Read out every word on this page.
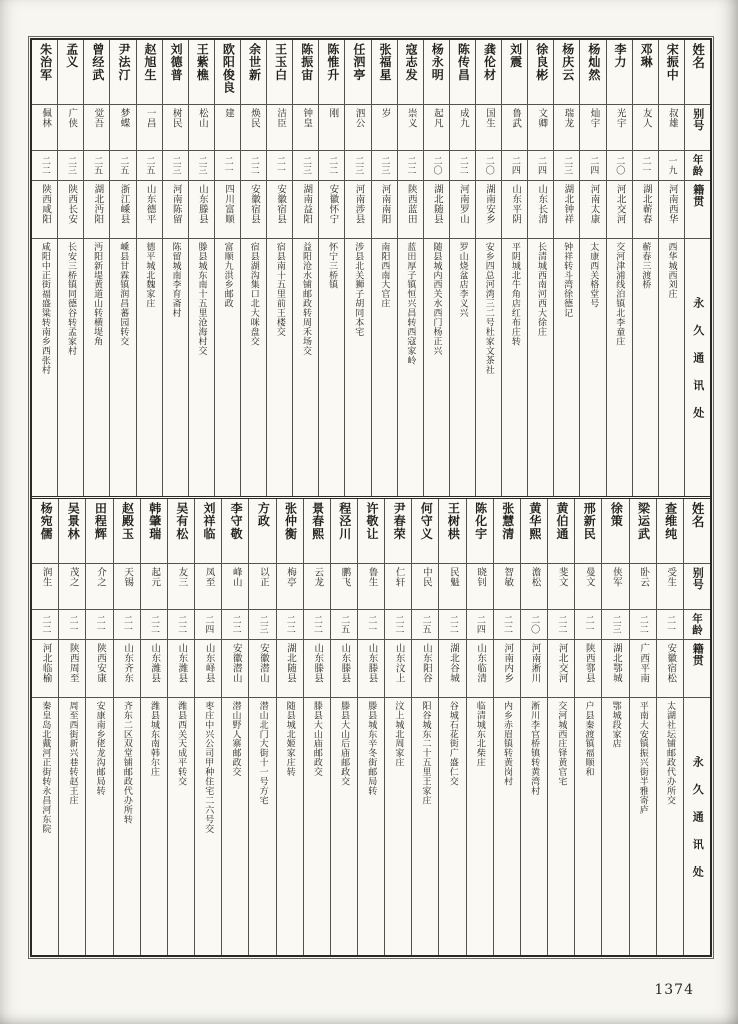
姓名
别号
年龄
籍贯
永久通讯处
宋振中
叔雄
一九
河南西华
西华城西刘庄
邓琳
友人
二一
湖北蕲春
蕲春三渡桥
李力
光宇
二〇
河北交河
交河津浦线泊镇北李童庄
杨灿然
灿宇
二四
河南太康
太康西关格堂号
杨庆云
瑞龙
二三
湖北钟祥
钟祥转斗湾徐德记
徐良彬
文卿
二四
山东长清
长清城西南河西大徐庄
刘震
鲁武
二四
山东平阴
平阴城北牛角店红布庄转
龚伦材
国生
二〇
湖南安乡
安乡四总河湾三二号杜家文茶社
陈传昌
成九
二二
河南罗山
罗山烧盆店李义兴
杨永明
起凡
二〇
湖北随县
随县城内西关水西门杨正兴
寇志发
崇义
二二
陕西蓝田
蓝田厚子镇恒兴昌转西寇家岭
张福星
岁
二三
河南南阳
南阳西南大官庄
任泗亭
泗公
二三
河南涉县
涉县北关狮子胡同本宅
陈惟升
刚
二二
安徽怀宁
怀宁三桥镇
陈振宙
钟皇
二三
湖南益阳
益阳沧水铺邮政转周禾场交
王玉白
洁臣
二一
安徽宿县
宿县南十五里前王楼交
余世新
焕民
二二
安徽宿县
宿县湖沟集口北大咪盘交
欧阳俊良
建
二一
四川富顺
富顺九洪乡邮政
王紫樵
松山
二三
山东滕县
滕县城东南十五里沧海村交
刘德普
树民
二三
河南陈留
陈留城南李育斋村
赵旭生
一昌
二五
山东德平
德平城北魏家庄
尹法汀
梦蝶
二五
浙江嵊县
嵊县甘霖镇润昌蕃园转交
曾经武
觉吾
二五
湖北沔阳
沔阳新堤黄道山转横堤角
孟义
广侠
二三
陕西长安
长安三桥镇同德谷转孟家村
朱治军
佩林
二二
陕西咸阳
咸阳中正街福盛粱转南乡西张村
姓名
别号
年龄
籍贯
永久通讯处
查维纯
受生
二一
安徽宿松
太湖社坛铺邮政代办所交
梁运武
卧云
二二
广西平南
平南大安镇振兴街半雅寄庐
徐策
侠军
二三
湖北鄂城
鄂城段家店
邢新民
曼文
二一
陕西鄠县
户县秦渡镇福顺和
黄伯通
斐文
二二
河北交河
交河城西庄铎黄官宅
黄华熙
澹松
二〇
河南淅川
淅川李官桥镇转黄湾村
张慧清
智敏
二二
河南内乡
内乡赤眉镇转黄岗村
陈化宇
晓钊
二四
山东临清
临清城东北柴庄
王树栱
民魁
二二
湖北谷城
谷城石花街广盛仁交
何守义
中民
二五
山东阳谷
阳谷城东二十五里王家庄
尹春荣
仁轩
二二
山东汶上
汶上城北周家庄
许敬让
鲁生
二一
山东滕县
滕县城东辛冬街邮局转
程泾川
鹏飞
二五
山东滕县
滕县大山后庙邮政交
景春熙
云龙
二二
山东滕县
滕县大山庙邮政交
张仲衡
梅亭
二二
湖北随县
随县城北姬家庄转
方政
以正
二三
安徽潜山
潜山北门大街十一号方宅
李守敬
峰山
二二
安徽潜山
潜山野人寨邮政交
刘祥临
凤至
二四
山东峄县
枣庄中兴公司甲种住宅二六号交
吴有松
友三
二二
山东潍县
潍县西关天成平转交
韩肇瑞
起元
二二
山东潍县
潍县城东南韩尔庄
赵殿玉
天锡
二一
山东齐东
齐东二区双堂铺邮政代办所转
田程辉
介之
二一
陕西安康
安康南乡佬龙沟邮局转
吴景林
茂之
二一
陕西周至
周至西街新兴巷转赵王庄
杨宛儒
润生
二二
河北临榆
秦皇岛北戴河正街转永昌河东院
1374
